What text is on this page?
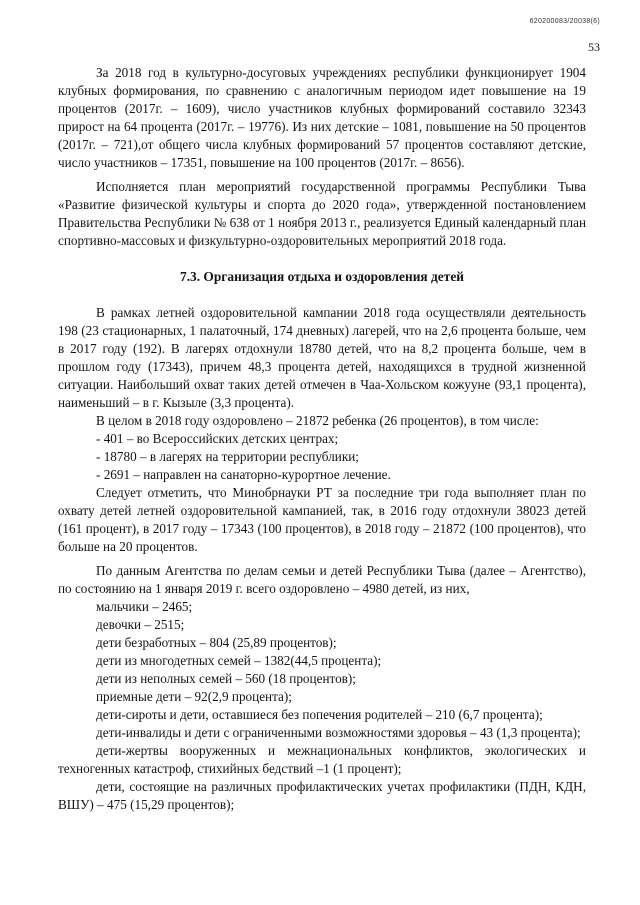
620200083/20038(6)
53

За 2018 год в культурно-досуговых учреждениях республики функционирует 1904 клубных формирования, по сравнению с аналогичным периодом идет повышение на 19 процентов (2017г. – 1609), число участников клубных формирований составило 32343 прирост на 64 процента (2017г. – 19776). Из них детские – 1081, повышение на 50 процентов (2017г. – 721),от общего числа клубных формирований 57 процентов составляют детские, число участников – 17351, повышение на 100 процентов (2017г. – 8656).

Исполняется план мероприятий государственной программы Республики Тыва «Развитие физической культуры и спорта до 2020 года», утвержденной постановлением Правительства Республики № 638 от 1 ноября 2013 г., реализуется Единый календарный план спортивно-массовых и физкультурно-оздоровительных мероприятий 2018 года.

7.3. Организация отдыха и оздоровления детей

В рамках летней оздоровительной кампании 2018 года осуществляли деятельность 198 (23 стационарных, 1 палаточный, 174 дневных) лагерей, что на 2,6 процента больше, чем в 2017 году (192). В лагерях отдохнули 18780 детей, что на 8,2 процента больше, чем в прошлом году (17343), причем 48,3 процента детей, находящихся в трудной жизненной ситуации. Наибольший охват таких детей отмечен в Чаа-Хольском кожууне (93,1 процента), наименьший – в г. Кызыле (3,3 процента).

В целом в 2018 году оздоровлено – 21872 ребенка (26 процентов), в том числе:

- 401 – во Всероссийских детских центрах;

- 18780 – в лагерях на территории республики;

- 2691 – направлен на санаторно-курортное лечение.

Следует отметить, что Минобрнауки РТ за последние три года выполняет план по охвату детей летней оздоровительной кампанией, так, в 2016 году отдохнули 38023 детей (161 процент), в 2017 году – 17343 (100 процентов), в 2018 году – 21872 (100 процентов), что больше на 20 процентов.

По данным Агентства по делам семьи и детей Республики Тыва (далее – Агентство), по состоянию на 1 января 2019 г. всего оздоровлено – 4980 детей, из них,

мальчики – 2465;

девочки – 2515;

дети безработных – 804 (25,89 процентов);

дети из многодетных семей – 1382(44,5 процента);

дети из неполных семей – 560 (18 процентов);

приемные дети – 92(2,9 процента);

дети-сироты и дети, оставшиеся без попечения родителей – 210 (6,7 процента);

дети-инвалиды и дети с ограниченными возможностями здоровья – 43 (1,3 процента);

дети-жертвы вооруженных и межнациональных конфликтов, экологических и техногенных катастроф, стихийных бедствий –1 (1 процент);

дети, состоящие на различных профилактических учетах профилактики (ПДН, КДН, ВШУ) – 475 (15,29 процентов);
